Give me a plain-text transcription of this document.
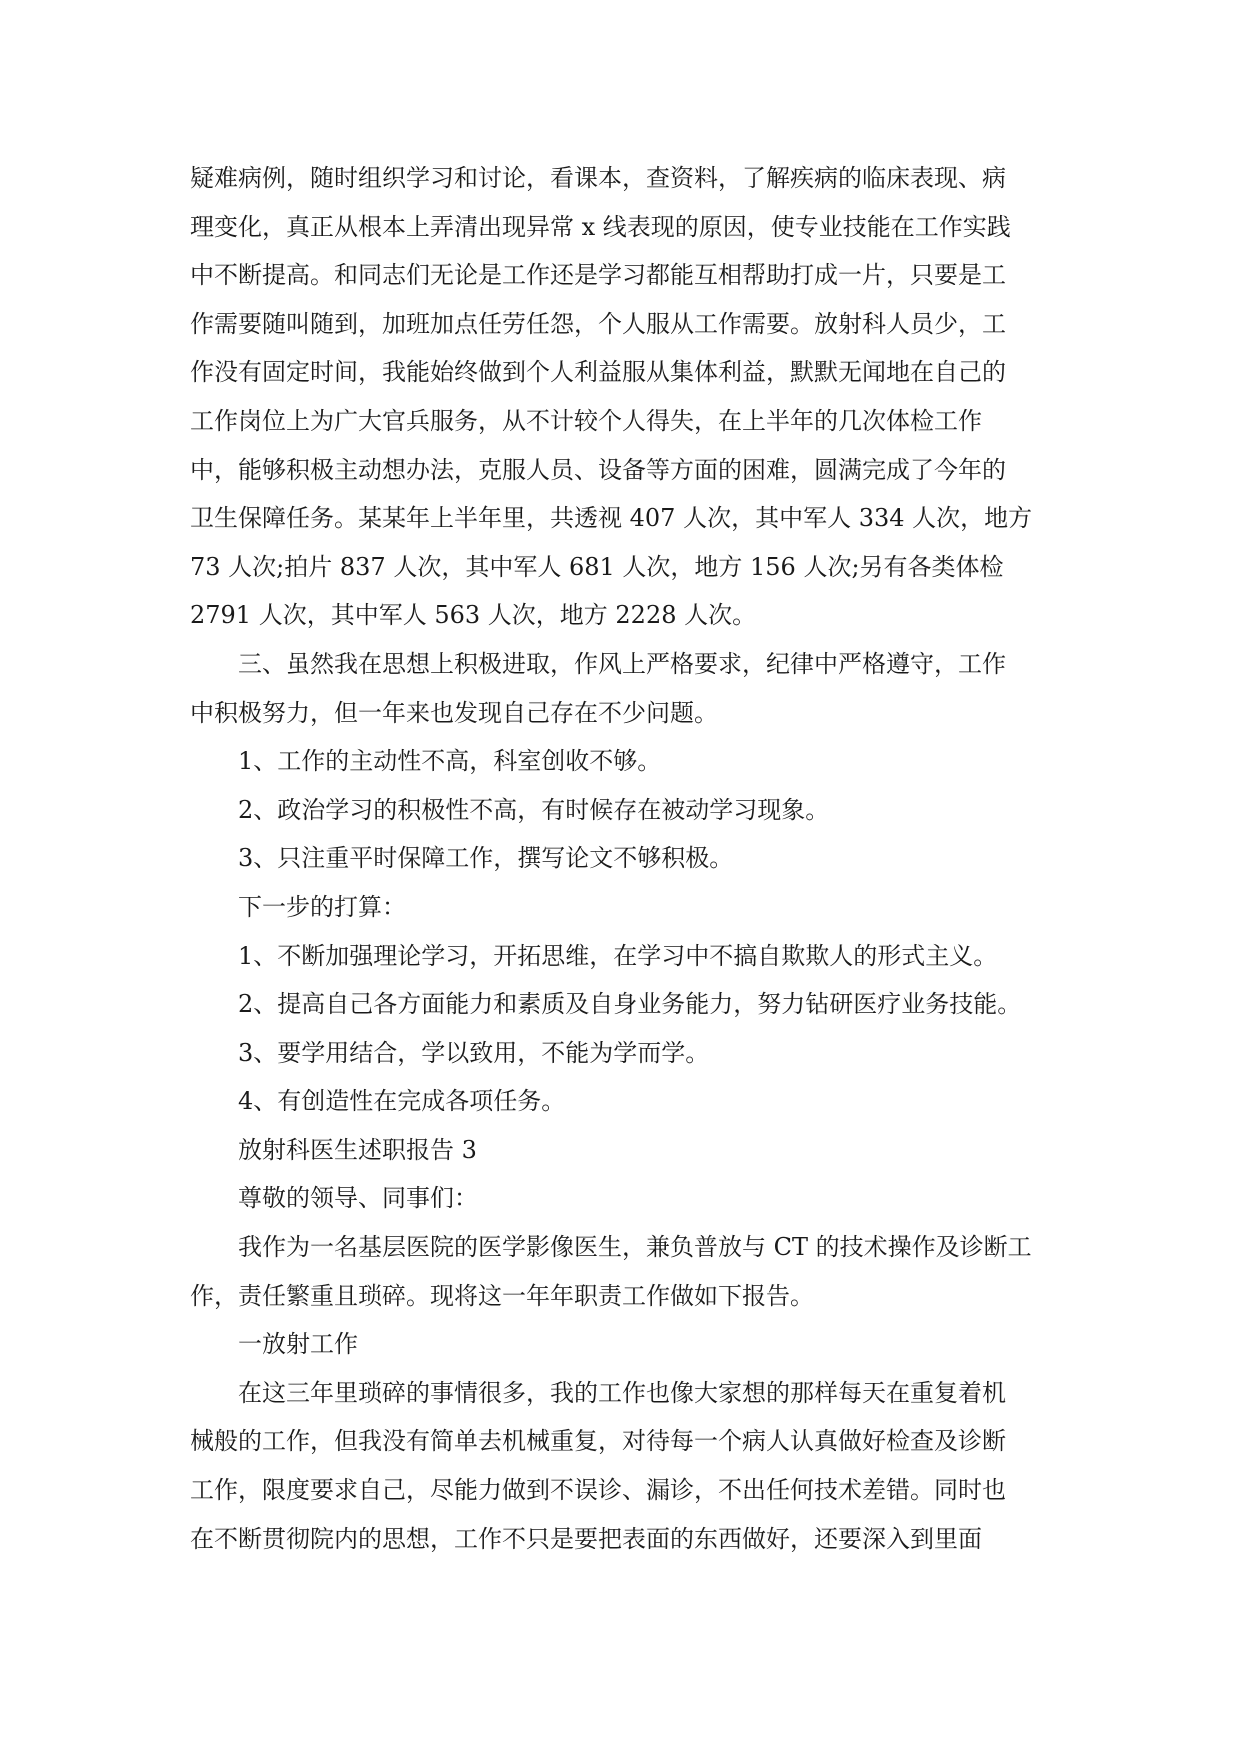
疑难病例，随时组织学习和讨论，看课本，查资料，了解疾病的临床表现、病
理变化，真正从根本上弄清出现异常 x 线表现的原因，使专业技能在工作实践
中不断提高。和同志们无论是工作还是学习都能互相帮助打成一片，只要是工
作需要随叫随到，加班加点任劳任怨，个人服从工作需要。放射科人员少，工
作没有固定时间，我能始终做到个人利益服从集体利益，默默无闻地在自己的
工作岗位上为广大官兵服务，从不计较个人得失，在上半年的几次体检工作
中，能够积极主动想办法，克服人员、设备等方面的困难，圆满完成了今年的
卫生保障任务。某某年上半年里，共透视 407 人次，其中军人 334 人次，地方
73 人次;拍片 837 人次，其中军人 681 人次，地方 156 人次;另有各类体检
2791 人次，其中军人 563 人次，地方 2228 人次。
三、虽然我在思想上积极进取，作风上严格要求，纪律中严格遵守，工作
中积极努力，但一年来也发现自己存在不少问题。
1、工作的主动性不高，科室创收不够。
2、政治学习的积极性不高，有时候存在被动学习现象。
3、只注重平时保障工作，撰写论文不够积极。
下一步的打算：
1、不断加强理论学习，开拓思维，在学习中不搞自欺欺人的形式主义。
2、提高自己各方面能力和素质及自身业务能力，努力钻研医疗业务技能。
3、要学用结合，学以致用，不能为学而学。
4、有创造性在完成各项任务。
放射科医生述职报告 3
尊敬的领导、同事们：
我作为一名基层医院的医学影像医生，兼负普放与 CT 的技术操作及诊断工
作，责任繁重且琐碎。现将这一年年职责工作做如下报告。
一放射工作
在这三年里琐碎的事情很多，我的工作也像大家想的那样每天在重复着机
械般的工作，但我没有简单去机械重复，对待每一个病人认真做好检查及诊断
工作，限度要求自己，尽能力做到不误诊、漏诊，不出任何技术差错。同时也
在不断贯彻院内的思想，工作不只是要把表面的东西做好，还要深入到里面
